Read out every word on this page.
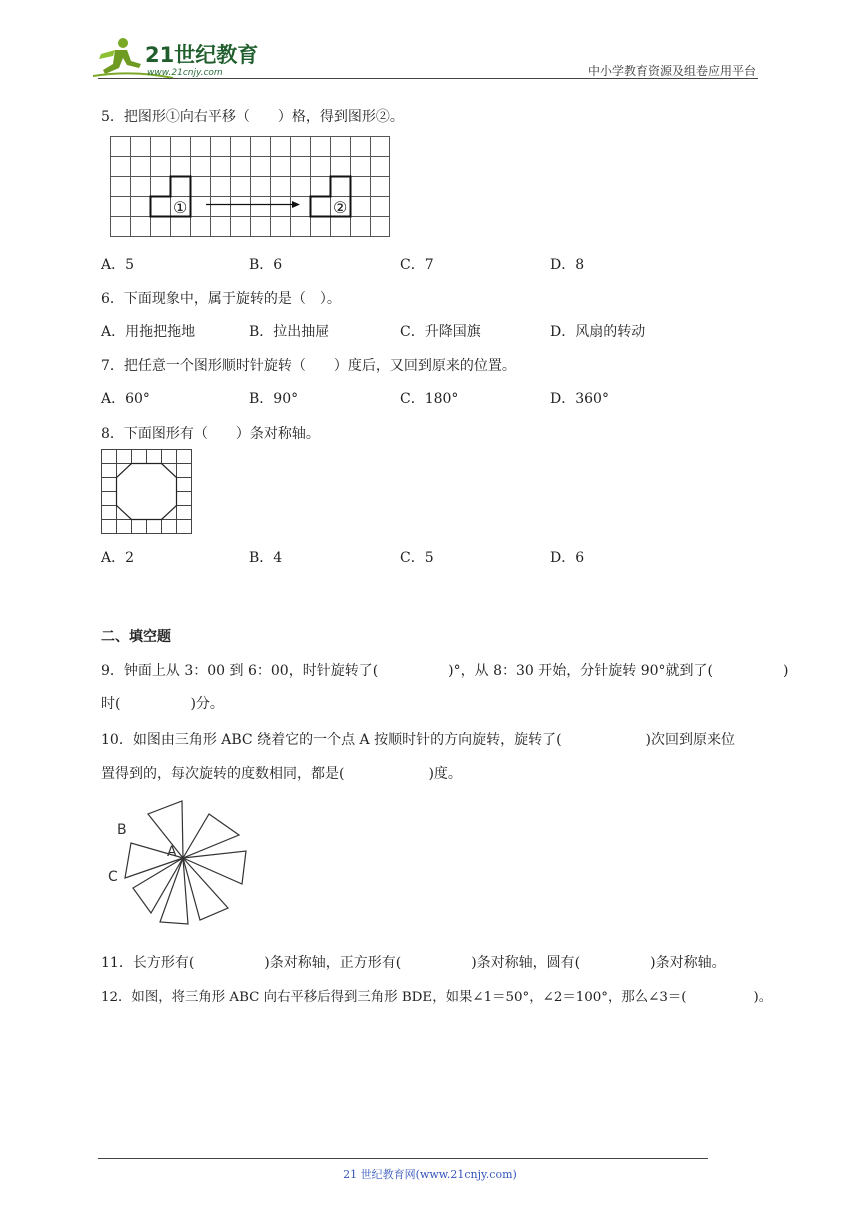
21世纪教育
www.21cnjy.com	中小学教育资源及组卷应用平台
5．把图形①向右平移（　　）格，得到图形②。
①	②
A．5	B．6	C．7	D．8
6．下面现象中，属于旋转的是（　）。
A．用拖把拖地	B．拉出抽屉	C．升降国旗	D．风扇的转动
7．把任意一个图形顺时针旋转（　　）度后，又回到原来的位置。
A．60°	B．90°	C．180°	D．360°
8．下面图形有（　　）条对称轴。
A．2	B．4	C．5	D．6
二、填空题
9．钟面上从 3：00 到 6：00，时针旋转了(　　　　　)°，从 8：30 开始，分针旋转 90°就到了(　　　　　)
时(　　　　　)分。
10．如图由三角形 ABC 绕着它的一个点 A 按顺时针的方向旋转，旋转了(　　　　　　)次回到原来位
置得到的，每次旋转的度数相同，都是(　　　　　　)度。
B
A
C
11．长方形有(　　　　　)条对称轴，正方形有(　　　　　)条对称轴，圆有(　　　　　)条对称轴。
12．如图，将三角形 ABC 向右平移后得到三角形 BDE，如果∠1＝50°，∠2＝100°，那么∠3＝(　　　　　)。
21 世纪教育网(www.21cnjy.com)
